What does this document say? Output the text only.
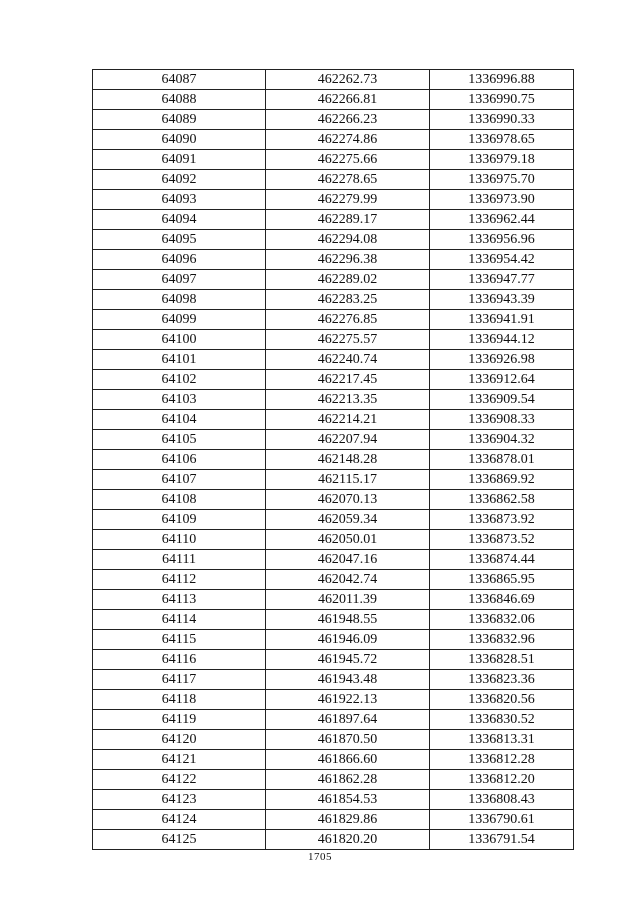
64087	462262.73	1336996.88
64088	462266.81	1336990.75
64089	462266.23	1336990.33
64090	462274.86	1336978.65
64091	462275.66	1336979.18
64092	462278.65	1336975.70
64093	462279.99	1336973.90
64094	462289.17	1336962.44
64095	462294.08	1336956.96
64096	462296.38	1336954.42
64097	462289.02	1336947.77
64098	462283.25	1336943.39
64099	462276.85	1336941.91
64100	462275.57	1336944.12
64101	462240.74	1336926.98
64102	462217.45	1336912.64
64103	462213.35	1336909.54
64104	462214.21	1336908.33
64105	462207.94	1336904.32
64106	462148.28	1336878.01
64107	462115.17	1336869.92
64108	462070.13	1336862.58
64109	462059.34	1336873.92
64110	462050.01	1336873.52
64111	462047.16	1336874.44
64112	462042.74	1336865.95
64113	462011.39	1336846.69
64114	461948.55	1336832.06
64115	461946.09	1336832.96
64116	461945.72	1336828.51
64117	461943.48	1336823.36
64118	461922.13	1336820.56
64119	461897.64	1336830.52
64120	461870.50	1336813.31
64121	461866.60	1336812.28
64122	461862.28	1336812.20
64123	461854.53	1336808.43
64124	461829.86	1336790.61
64125	461820.20	1336791.54
1705
